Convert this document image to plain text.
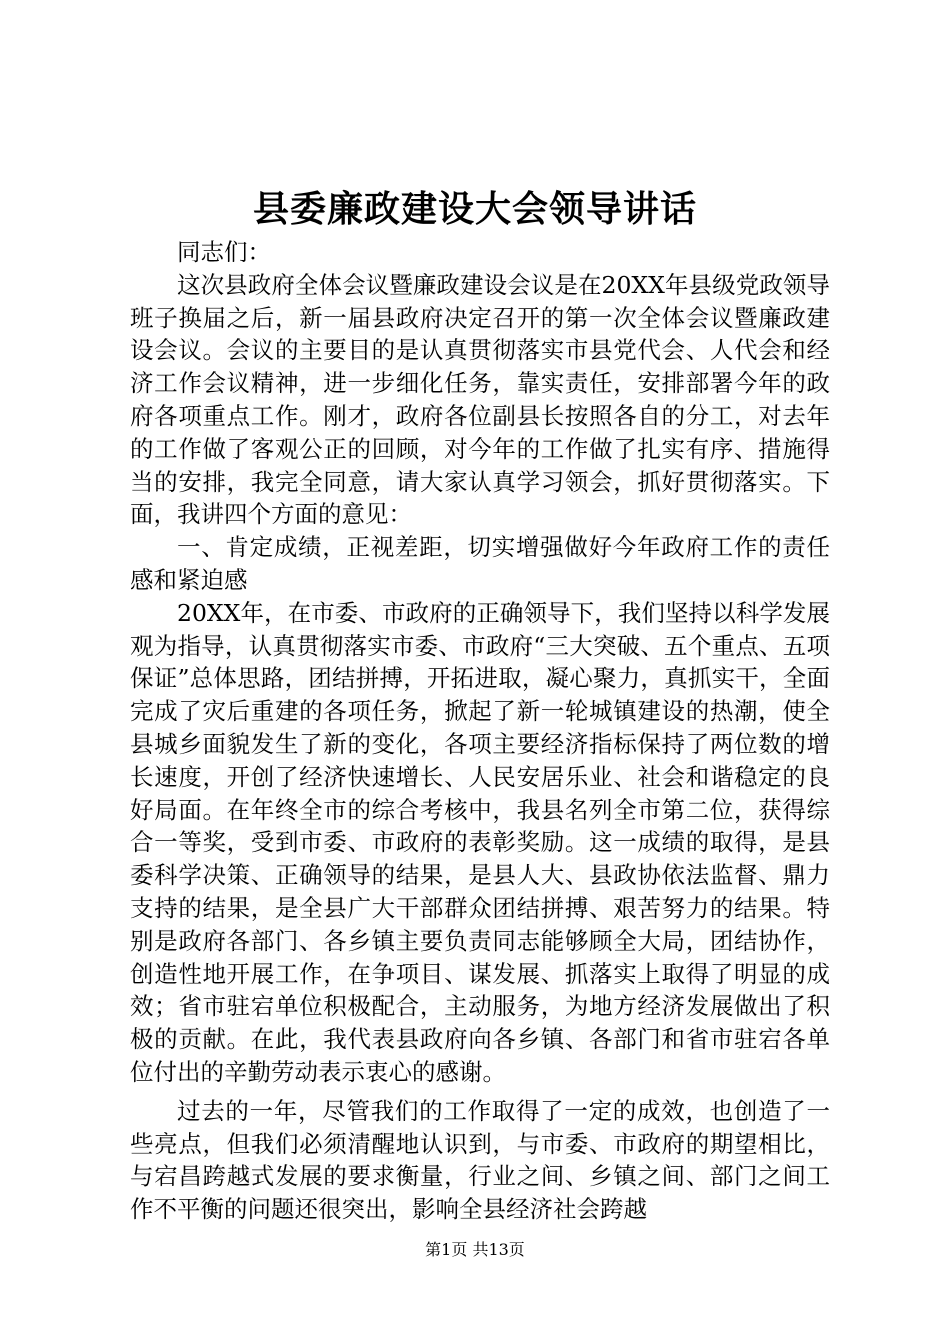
县委廉政建设大会领导讲话

同志们：

这次县政府全体会议暨廉政建设会议是在20XX年县级党政领导班子换届之后，新一届县政府决定召开的第一次全体会议暨廉政建设会议。会议的主要目的是认真贯彻落实市县党代会、人代会和经济工作会议精神，进一步细化任务，靠实责任，安排部署今年的政府各项重点工作。刚才，政府各位副县长按照各自的分工，对去年的工作做了客观公正的回顾，对今年的工作做了扎实有序、措施得当的安排，我完全同意，请大家认真学习领会，抓好贯彻落实。下面，我讲四个方面的意见：

一、肯定成绩，正视差距，切实增强做好今年政府工作的责任感和紧迫感

20XX年，在市委、市政府的正确领导下，我们坚持以科学发展观为指导，认真贯彻落实市委、市政府“三大突破、五个重点、五项保证”总体思路，团结拼搏，开拓进取，凝心聚力，真抓实干，全面完成了灾后重建的各项任务，掀起了新一轮城镇建设的热潮，使全县城乡面貌发生了新的变化，各项主要经济指标保持了两位数的增长速度，开创了经济快速增长、人民安居乐业、社会和谐稳定的良好局面。在年终全市的综合考核中，我县名列全市第二位，获得综合一等奖，受到市委、市政府的表彰奖励。这一成绩的取得，是县委科学决策、正确领导的结果，是县人大、县政协依法监督、鼎力支持的结果，是全县广大干部群众团结拼搏、艰苦努力的结果。特别是政府各部门、各乡镇主要负责同志能够顾全大局，团结协作，创造性地开展工作，在争项目、谋发展、抓落实上取得了明显的成效；省市驻宕单位积极配合，主动服务，为地方经济发展做出了积极的贡献。在此，我代表县政府向各乡镇、各部门和省市驻宕各单位付出的辛勤劳动表示衷心的感谢。

过去的一年，尽管我们的工作取得了一定的成效，也创造了一些亮点，但我们必须清醒地认识到，与市委、市政府的期望相比，与宕昌跨越式发展的要求衡量，行业之间、乡镇之间、部门之间工作不平衡的问题还很突出，影响全县经济社会跨越

第1页 共13页
